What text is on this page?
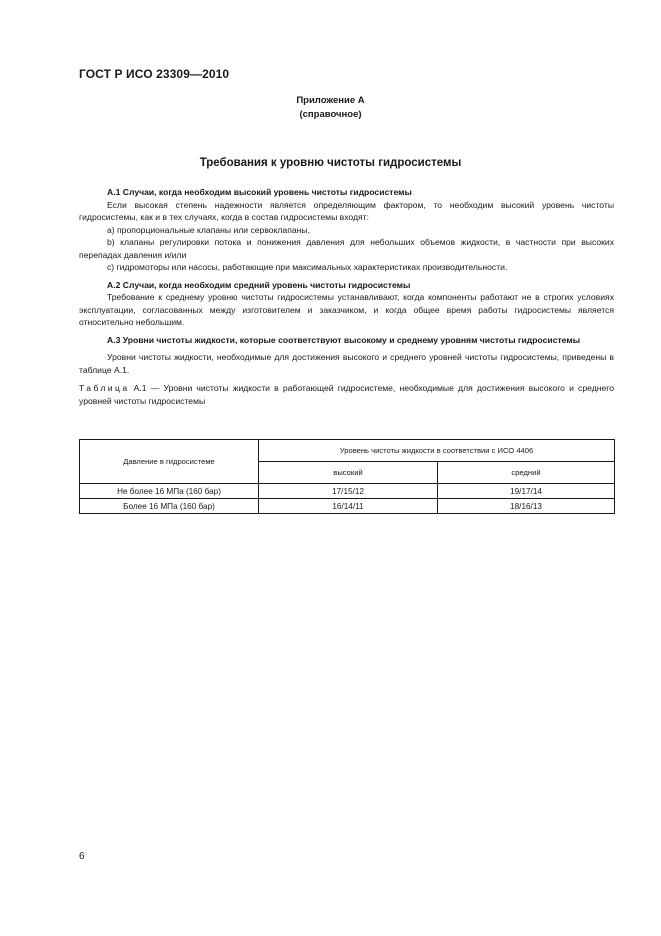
ГОСТ Р ИСО 23309—2010
Приложение А
(справочное)
Требования к уровню чистоты гидросистемы

А.1 Случаи, когда необходим высокий уровень чистоты гидросистемы

Если высокая степень надежности является определяющим фактором, то необходим высокий уровень чистоты гидросистемы, как и в тех случаях, когда в состав гидросистемы входят:

а) пропорциональные клапаны или сервоклапаны,

b) клапаны регулировки потока и понижения давления для небольших объемов жидкости, в частности при высоких перепадах давления и/или

с) гидромоторы или насосы, работающие при максимальных характеристиках производительности.

А.2 Случаи, когда необходим средний уровень чистоты гидросистемы

Требование к среднему уровню чистоты гидросистемы устанавливают, когда компоненты работают не в строгих условиях эксплуатации, согласованных между изготовителем и заказчиком, и когда общее время работы гидросистемы является относительно небольшим.

А.3 Уровни чистоты жидкости, которые соответствуют высокому и среднему уровням чистоты гидросистемы

Уровни чистоты жидкости, необходимые для достижения высокого и среднего уровней чистоты гидросистемы, приведены в таблице А.1.

Таблица А.1 — Уровни чистоты жидкости в работающей гидросистеме, необходимые для достижения высокого и среднего уровней чистоты гидросистемы

Давление в гидросистеме	Уровень чистоты жидкости в соответствии с ИСО 4406	
	высокий	средний
Не более 16 МПа (160 бар)	17/15/12	19/17/14
Более 16 МПа (160 бар)	16/14/11	18/16/13
6
